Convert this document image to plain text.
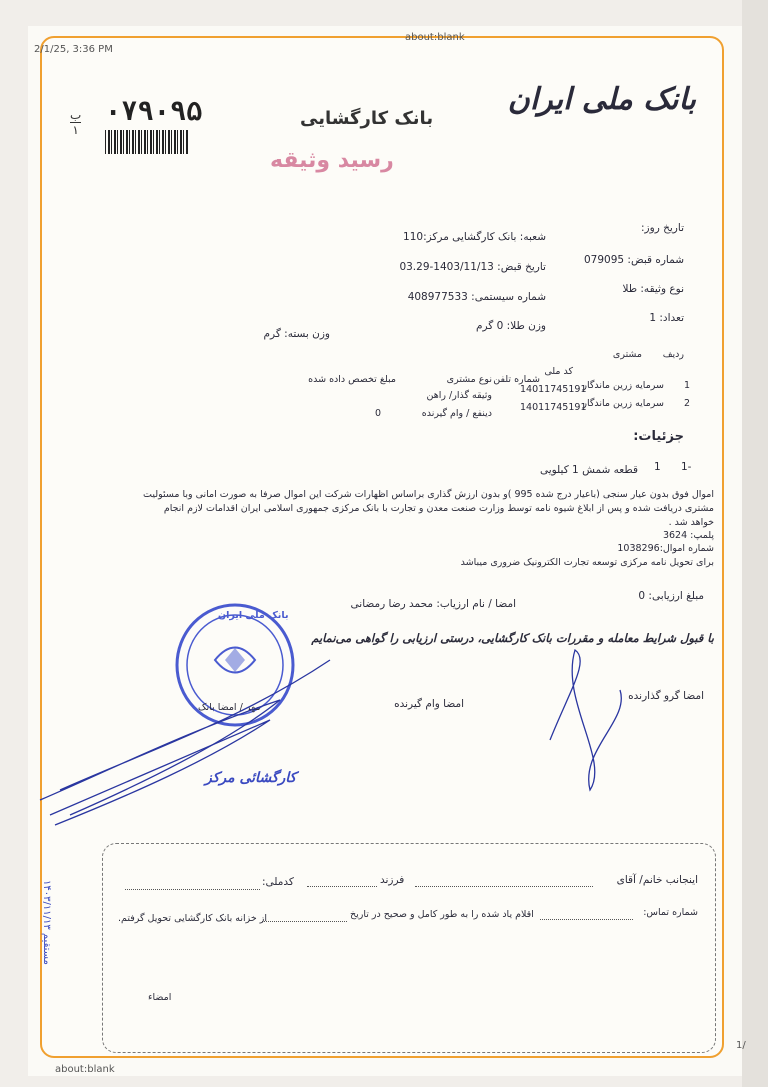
2/1/25, 3:36 PM
about:blank
about:blank
1/
بانک ملی ایران
بانک کارگشایی
رسید وثیقه
۰۷۹۰۹۵
ب
۱
تاریخ روز:
شعبه: بانک کارگشایی مرکز:110
شماره قبض: 079095
تاریخ قبض: 1403/11/13-03.29
نوع وثیقه: طلا
شماره سیستمی: 408977533
تعداد: 1
وزن طلا: 0 گرم
وزن بسته: گرم
ردیف
مشتری
کد ملی
شماره تلفن
نوع مشتری
مبلغ تخصص داده شده
1
سرمایه زرین ماندگار
14011745191
وثیقه گذار/ راهن
2
سرمایه زرین ماندگار
14011745191
دینفع / وام گیرنده
0
جزئیات:
1-
1
قطعه شمش 1 کیلویی
اموال فوق بدون عیار سنجی (باعیار درج شده 995 )و بدون ارزش گذاری براساس اظهارات شرکت این اموال صرفا به صورت امانی وبا مسئولیت
مشتری دریافت شده و پس از ابلاغ شیوه نامه توسط وزارت صنعت معدن و تجارت با بانک مرکزی جمهوری اسلامی ایران اقدامات لازم انجام
خواهد شد .
پلمپ: 3624
شماره اموال:1038296
برای تحویل نامه مرکزی توسعه تجارت الکترونیک ضروری میباشد
مبلغ ارزیابی: 0
امضا / نام ارزیاب: محمد رضا رمضانی
با قبول شرایط معامله و مقررات بانک کارگشایی، درستی ارزیابی را گواهی می‌نمایم
امضا گرو گذارنده
امضا وام گیرنده
بانک ملی ایران
مهر / امضا بانک
کارگشائی مرکز
اینجانب خانم/ آقای
فرزند
کدملی:
شماره تماس:
اقلام یاد شده را به طور کامل و صحیح در تاریخ
از خزانه بانک کارگشایی تحویل گرفتم.
امضاء
۱۴۰۳/۱۱/۱۳ مستقیم
